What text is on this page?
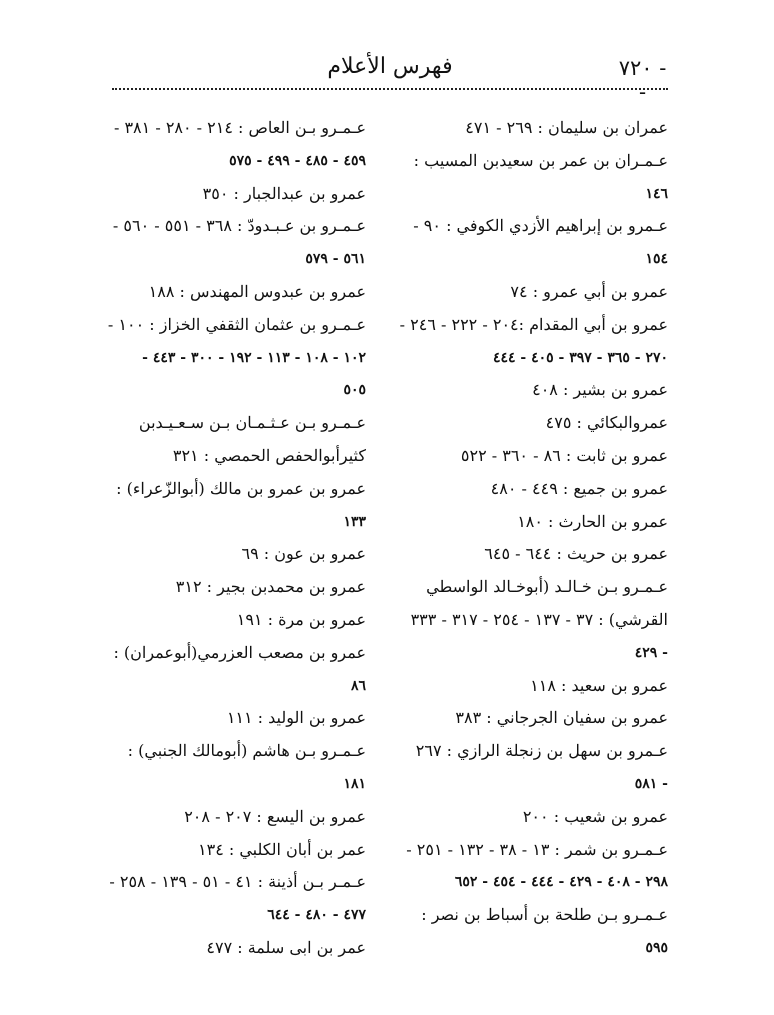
- ٧٢٠ -
فهرس الأعلام
عمران بن سليمان : ٢٦٩ - ٤٧١
عـمـران بن عمر بن سعيدبن المسيب :
١٤٦
عـمرو بن إبراهيم الأزدي الكوفي : ٩٠ -
١٥٤
عمرو بن أبي عمرو : ٧٤
عمرو بن أبي المقدام :٢٠٤ - ٢٢٢ - ٢٤٦ -
٢٧٠ - ٣٦٥ - ٣٩٧ - ٤٠٥ - ٤٤٤
عمرو بن بشير : ٤٠٨
عمروالبكائي : ٤٧٥
عمرو بن ثابت : ٨٦ - ٣٦٠ - ٥٢٢
عمرو بن جميع : ٤٤٩ - ٤٨٠
عمرو بن الحارث : ١٨٠
عمرو بن حريث : ٦٤٤ - ٦٤٥
عـمـرو بـن خـالـد (أبوخـالد الواسطي
القرشي) : ٣٧ - ١٣٧ - ٢٥٤ - ٣١٧ - ٣٣٣
- ٤٢٩
عمرو بن سعيد : ١١٨
عمرو بن سفيان الجرجاني : ٣٨٣
عـمرو بن سهل بن زنجلة الرازي : ٢٦٧
- ٥٨١
عمرو بن شعيب : ٢٠٠
عـمـرو بن شمر : ١٣ - ٣٨ - ١٣٢ - ٢٥١ -
٢٩٨ - ٤٠٨ - ٤٢٩ - ٤٤٤ - ٤٥٤ - ٦٥٢
عـمـرو بـن طلحة بن أسباط بن نصر :
٥٩٥
عـمـرو بـن العاص : ٢١٤ - ٢٨٠ - ٣٨١ -
٤٥٩ - ٤٨٥ - ٤٩٩ - ٥٧٥
عمرو بن عبدالجبار : ٣٥٠
عـمـرو بن عـبـدودّ : ٣٦٨ - ٥٥١ - ٥٦٠ -
٥٦١ - ٥٧٩
عمرو بن عبدوس المهندس : ١٨٨
عـمـرو بن عثمان الثقفي الخزاز : ١٠٠ -
١٠٢ - ١٠٨ - ١١٣ - ١٩٢ - ٣٠٠ - ٤٤٣ -
٥٠٥
عـمـرو بـن عـثـمـان بـن سـعـيـدبن
كثيرأبوالحفص الحمصي : ٣٢١
عمرو بن عمرو بن مالك (أبوالزّعراء) :
١٣٣
عمرو بن عون : ٦٩
عمرو بن محمدبن بجير : ٣١٢
عمرو بن مرة : ١٩١
عمرو بن مصعب العزرمي(أبوعمران) :
٨٦
عمرو بن الوليد : ١١١
عـمـرو بـن هاشم (أبومالك الجنبي) :
١٨١
عمرو بن اليسع : ٢٠٧ - ٢٠٨
عمر بن أبان الكلبي : ١٣٤
عـمـر بـن أذينة : ٤١ - ٥١ - ١٣٩ - ٢٥٨ -
٤٧٧ - ٤٨٠ - ٦٤٤
عمر بن ابى سلمة : ٤٧٧
